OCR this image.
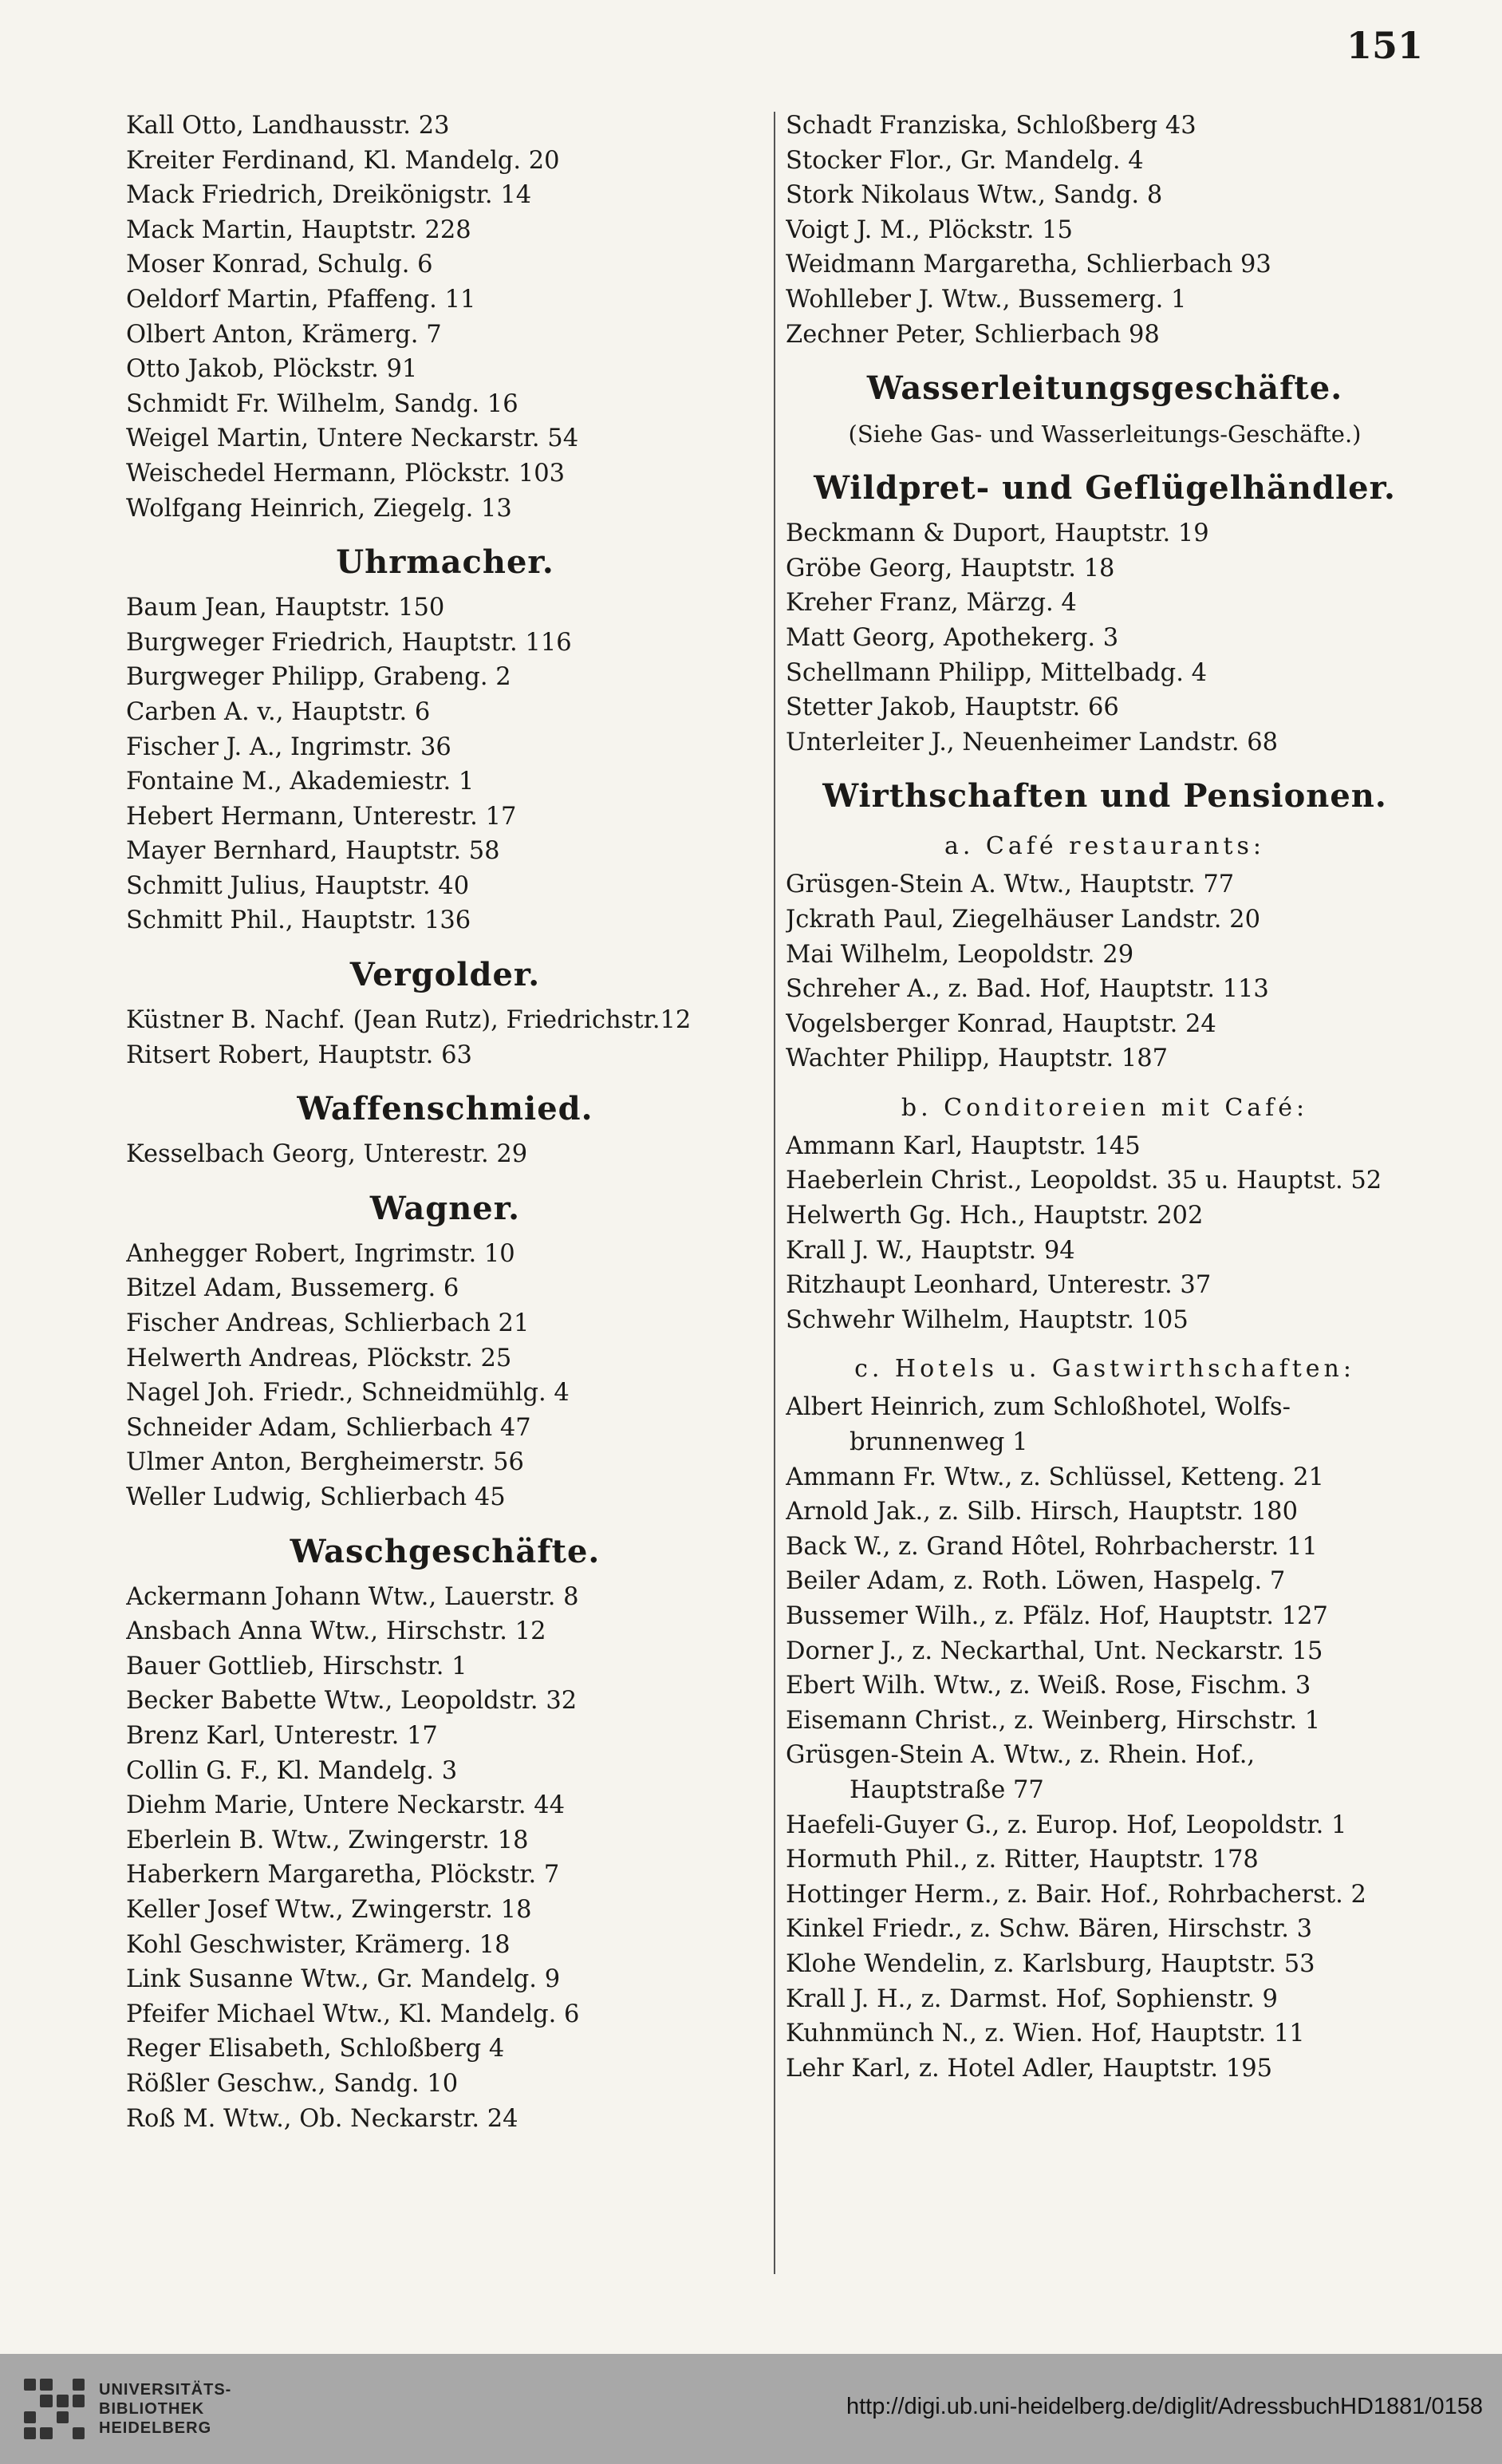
151
Kall Otto, Landhausstr. 23
Kreiter Ferdinand, Kl. Mandelg. 20
Mack Friedrich, Dreikönigstr. 14
Mack Martin, Hauptstr. 228
Moser Konrad, Schulg. 6
Oeldorf Martin, Pfaffeng. 11
Olbert Anton, Krämerg. 7
Otto Jakob, Plöckstr. 91
Schmidt Fr. Wilhelm, Sandg. 16
Weigel Martin, Untere Neckarstr. 54
Weischedel Hermann, Plöckstr. 103
Wolfgang Heinrich, Ziegelg. 13
Uhrmacher.
Baum Jean, Hauptstr. 150
Burgweger Friedrich, Hauptstr. 116
Burgweger Philipp, Grabeng. 2
Carben A. v., Hauptstr. 6
Fischer J. A., Ingrimstr. 36
Fontaine M., Akademiestr. 1
Hebert Hermann, Unterestr. 17
Mayer Bernhard, Hauptstr. 58
Schmitt Julius, Hauptstr. 40
Schmitt Phil., Hauptstr. 136
Vergolder.
Küstner B. Nachf. (Jean Rutz), Friedrichstr.12
Ritsert Robert, Hauptstr. 63
Waffenschmied.
Kesselbach Georg, Unterestr. 29
Wagner.
Anhegger Robert, Ingrimstr. 10
Bitzel Adam, Bussemerg. 6
Fischer Andreas, Schlierbach 21
Helwerth Andreas, Plöckstr. 25
Nagel Joh. Friedr., Schneidmühlg. 4
Schneider Adam, Schlierbach 47
Ulmer Anton, Bergheimerstr. 56
Weller Ludwig, Schlierbach 45
Waschgeschäfte.
Ackermann Johann Wtw., Lauerstr. 8
Ansbach Anna Wtw., Hirschstr. 12
Bauer Gottlieb, Hirschstr. 1
Becker Babette Wtw., Leopoldstr. 32
Brenz Karl, Unterestr. 17
Collin G. F., Kl. Mandelg. 3
Diehm Marie, Untere Neckarstr. 44
Eberlein B. Wtw., Zwingerstr. 18
Haberkern Margaretha, Plöckstr. 7
Keller Josef Wtw., Zwingerstr. 18
Kohl Geschwister, Krämerg. 18
Link Susanne Wtw., Gr. Mandelg. 9
Pfeifer Michael Wtw., Kl. Mandelg. 6
Reger Elisabeth, Schloßberg 4
Rößler Geschw., Sandg. 10
Roß M. Wtw., Ob. Neckarstr. 24
Schadt Franziska, Schloßberg 43
Stocker Flor., Gr. Mandelg. 4
Stork Nikolaus Wtw., Sandg. 8
Voigt J. M., Plöckstr. 15
Weidmann Margaretha, Schlierbach 93
Wohlleber J. Wtw., Bussemerg. 1
Zechner Peter, Schlierbach 98
Wasserleitungsgeschäfte.
(Siehe Gas- und Wasserleitungs-Geschäfte.)
Wildpret- und Geflügelhändler.
Beckmann & Duport, Hauptstr. 19
Gröbe Georg, Hauptstr. 18
Kreher Franz, Märzg. 4
Matt Georg, Apothekerg. 3
Schellmann Philipp, Mittelbadg. 4
Stetter Jakob, Hauptstr. 66
Unterleiter J., Neuenheimer Landstr. 68
Wirthschaften und Pensionen.
a. Café restaurants:
Grüsgen-Stein A. Wtw., Hauptstr. 77
Jckrath Paul, Ziegelhäuser Landstr. 20
Mai Wilhelm, Leopoldstr. 29
Schreher A., z. Bad. Hof, Hauptstr. 113
Vogelsberger Konrad, Hauptstr. 24
Wachter Philipp, Hauptstr. 187
b. Conditoreien mit Café:
Ammann Karl, Hauptstr. 145
Haeberlein Christ., Leopoldst. 35 u. Hauptst. 52
Helwerth Gg. Hch., Hauptstr. 202
Krall J. W., Hauptstr. 94
Ritzhaupt Leonhard, Unterestr. 37
Schwehr Wilhelm, Hauptstr. 105
c. Hotels u. Gastwirthschaften:
Albert Heinrich, zum Schloßhotel, Wolfs-
brunnenweg 1
Ammann Fr. Wtw., z. Schlüssel, Ketteng. 21
Arnold Jak., z. Silb. Hirsch, Hauptstr. 180
Back W., z. Grand Hôtel, Rohrbacherstr. 11
Beiler Adam, z. Roth. Löwen, Haspelg. 7
Bussemer Wilh., z. Pfälz. Hof, Hauptstr. 127
Dorner J., z. Neckarthal, Unt. Neckarstr. 15
Ebert Wilh. Wtw., z. Weiß. Rose, Fischm. 3
Eisemann Christ., z. Weinberg, Hirschstr. 1
Grüsgen-Stein A. Wtw., z. Rhein. Hof.,
Hauptstraße 77
Haefeli-Guyer G., z. Europ. Hof, Leopoldstr. 1
Hormuth Phil., z. Ritter, Hauptstr. 178
Hottinger Herm., z. Bair. Hof., Rohrbacherst. 2
Kinkel Friedr., z. Schw. Bären, Hirschstr. 3
Klohe Wendelin, z. Karlsburg, Hauptstr. 53
Krall J. H., z. Darmst. Hof, Sophienstr. 9
Kuhnmünch N., z. Wien. Hof, Hauptstr. 11
Lehr Karl, z. Hotel Adler, Hauptstr. 195
UNIVERSITÄTS-
BIBLIOTHEK
HEIDELBERG
http://digi.ub.uni-heidelberg.de/diglit/AdressbuchHD1881/0158
